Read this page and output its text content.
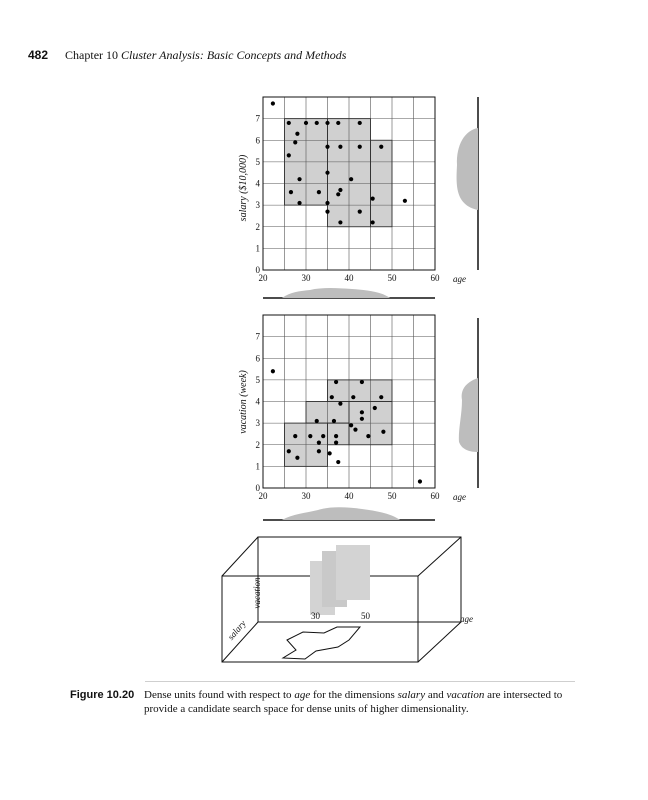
482 Chapter 10 Cluster Analysis: Basic Concepts and Methods
20	30	40	50	60
0
1
2
3
4
5
6
7
salary ($10,000)
age
20	30	40	50	60
0
1
2
3
4
5
6
7
vacation (week)
age
30	50	age
vacation
salary
Figure 10.20 Dense units found with respect to age for the dimensions salary and vacation are intersected to provide a candidate search space for dense units of higher dimensionality.
